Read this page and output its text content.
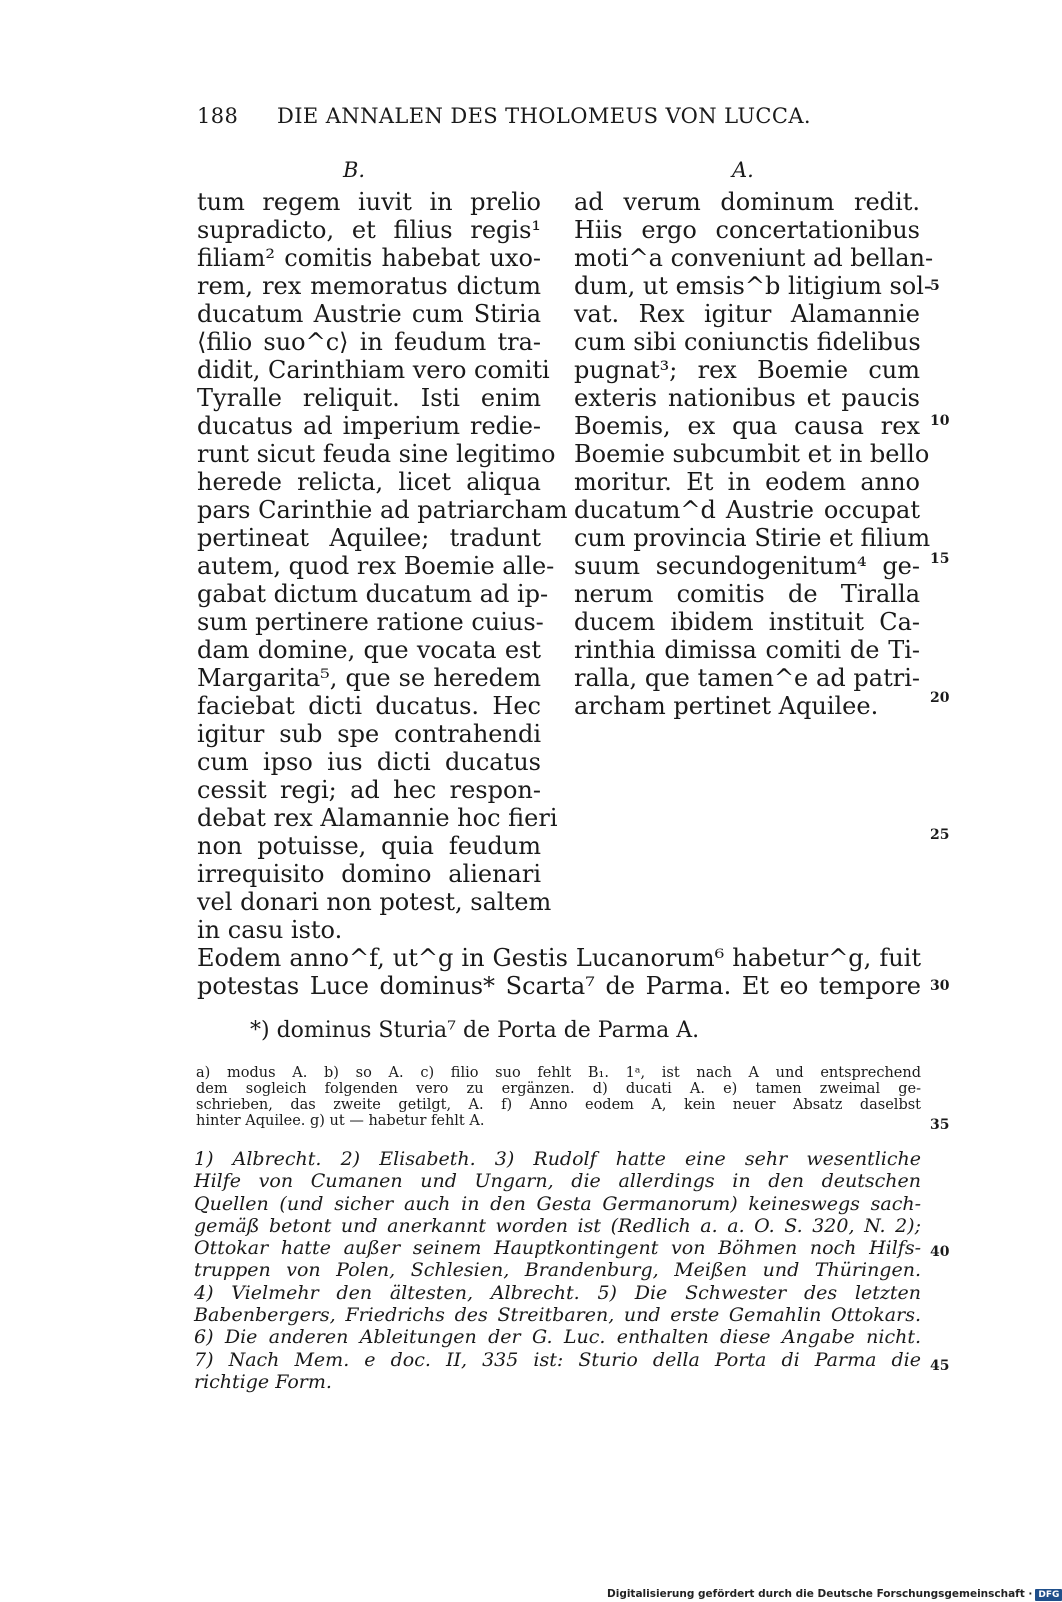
188 DIE ANNALEN DES THOLOMEUS VON LUCCA.
B.	A.
tum regem iuvit in prelio
supradicto, et filius regis¹
filiam² comitis habebat uxo-
rem, rex memoratus dictum
ducatum Austrie cum Stiria
⟨filio suo^c⟩ in feudum tra-
didit, Carinthiam vero comiti
Tyralle reliquit. Isti enim
ducatus ad imperium redie-
runt sicut feuda sine legitimo
herede relicta, licet aliqua
pars Carinthie ad patriarcham
pertineat Aquilee; tradunt
autem, quod rex Boemie alle-
gabat dictum ducatum ad ip-
sum pertinere ratione cuius-
dam domine, que vocata est
Margarita⁵, que se heredem
faciebat dicti ducatus. Hec
igitur sub spe contrahendi
cum ipso ius dicti ducatus
cessit regi; ad hec respon-
debat rex Alamannie hoc fieri
non potuisse, quia feudum
irrequisito domino alienari
vel donari non potest, saltem
in casu isto.
ad verum dominum redit.
Hiis ergo concertationibus
moti^a conveniunt ad bellan-
dum, ut emsis^b litigium sol-
vat. Rex igitur Alamannie
cum sibi coniunctis fidelibus
pugnat³; rex Boemie cum
exteris nationibus et paucis
Boemis, ex qua causa rex
Boemie subcumbit et in bello
moritur. Et in eodem anno
ducatum^d Austrie occupat
cum provincia Stirie et filium
suum secundogenitum⁴ ge-
nerum comitis de Tiralla
ducem ibidem instituit Ca-
rinthia dimissa comiti de Ti-
ralla, que tamen^e ad patri-
archam pertinet Aquilee.
Eodem anno^f, ut^g in Gestis Lucanorum⁶ habetur^g, fuit
potestas Luce dominus* Scarta⁷ de Parma. Et eo tempore
*) dominus Sturia⁷ de Porta de Parma A.
a) modus A. b) so A. c) filio suo fehlt B₁. 1ᵃ, ist nach A und entsprechend
dem sogleich folgenden vero zu ergänzen. d) ducati A. e) tamen zweimal ge-
schrieben, das zweite getilgt, A. f) Anno eodem A, kein neuer Absatz daselbst
hinter Aquilee. g) ut — habetur fehlt A.
1) Albrecht. 2) Elisabeth. 3) Rudolf hatte eine sehr wesentliche
Hilfe von Cumanen und Ungarn, die allerdings in den deutschen
Quellen (und sicher auch in den Gesta Germanorum) keineswegs sach-
gemäß betont und anerkannt worden ist (Redlich a. a. O. S. 320, N. 2);
Ottokar hatte außer seinem Hauptkontingent von Böhmen noch Hilfs-
truppen von Polen, Schlesien, Brandenburg, Meißen und Thüringen.
4) Vielmehr den ältesten, Albrecht. 5) Die Schwester des letzten
Babenbergers, Friedrichs des Streitbaren, und erste Gemahlin Ottokars.
6) Die anderen Ableitungen der G. Luc. enthalten diese Angabe nicht.
7) Nach Mem. e doc. II, 335 ist: Sturio della Porta di Parma die
richtige Form.
5
10
15
20
25
30
35
40
45
Digitalisierung gefördert durch die Deutsche Forschungsgemeinschaft · DFG
